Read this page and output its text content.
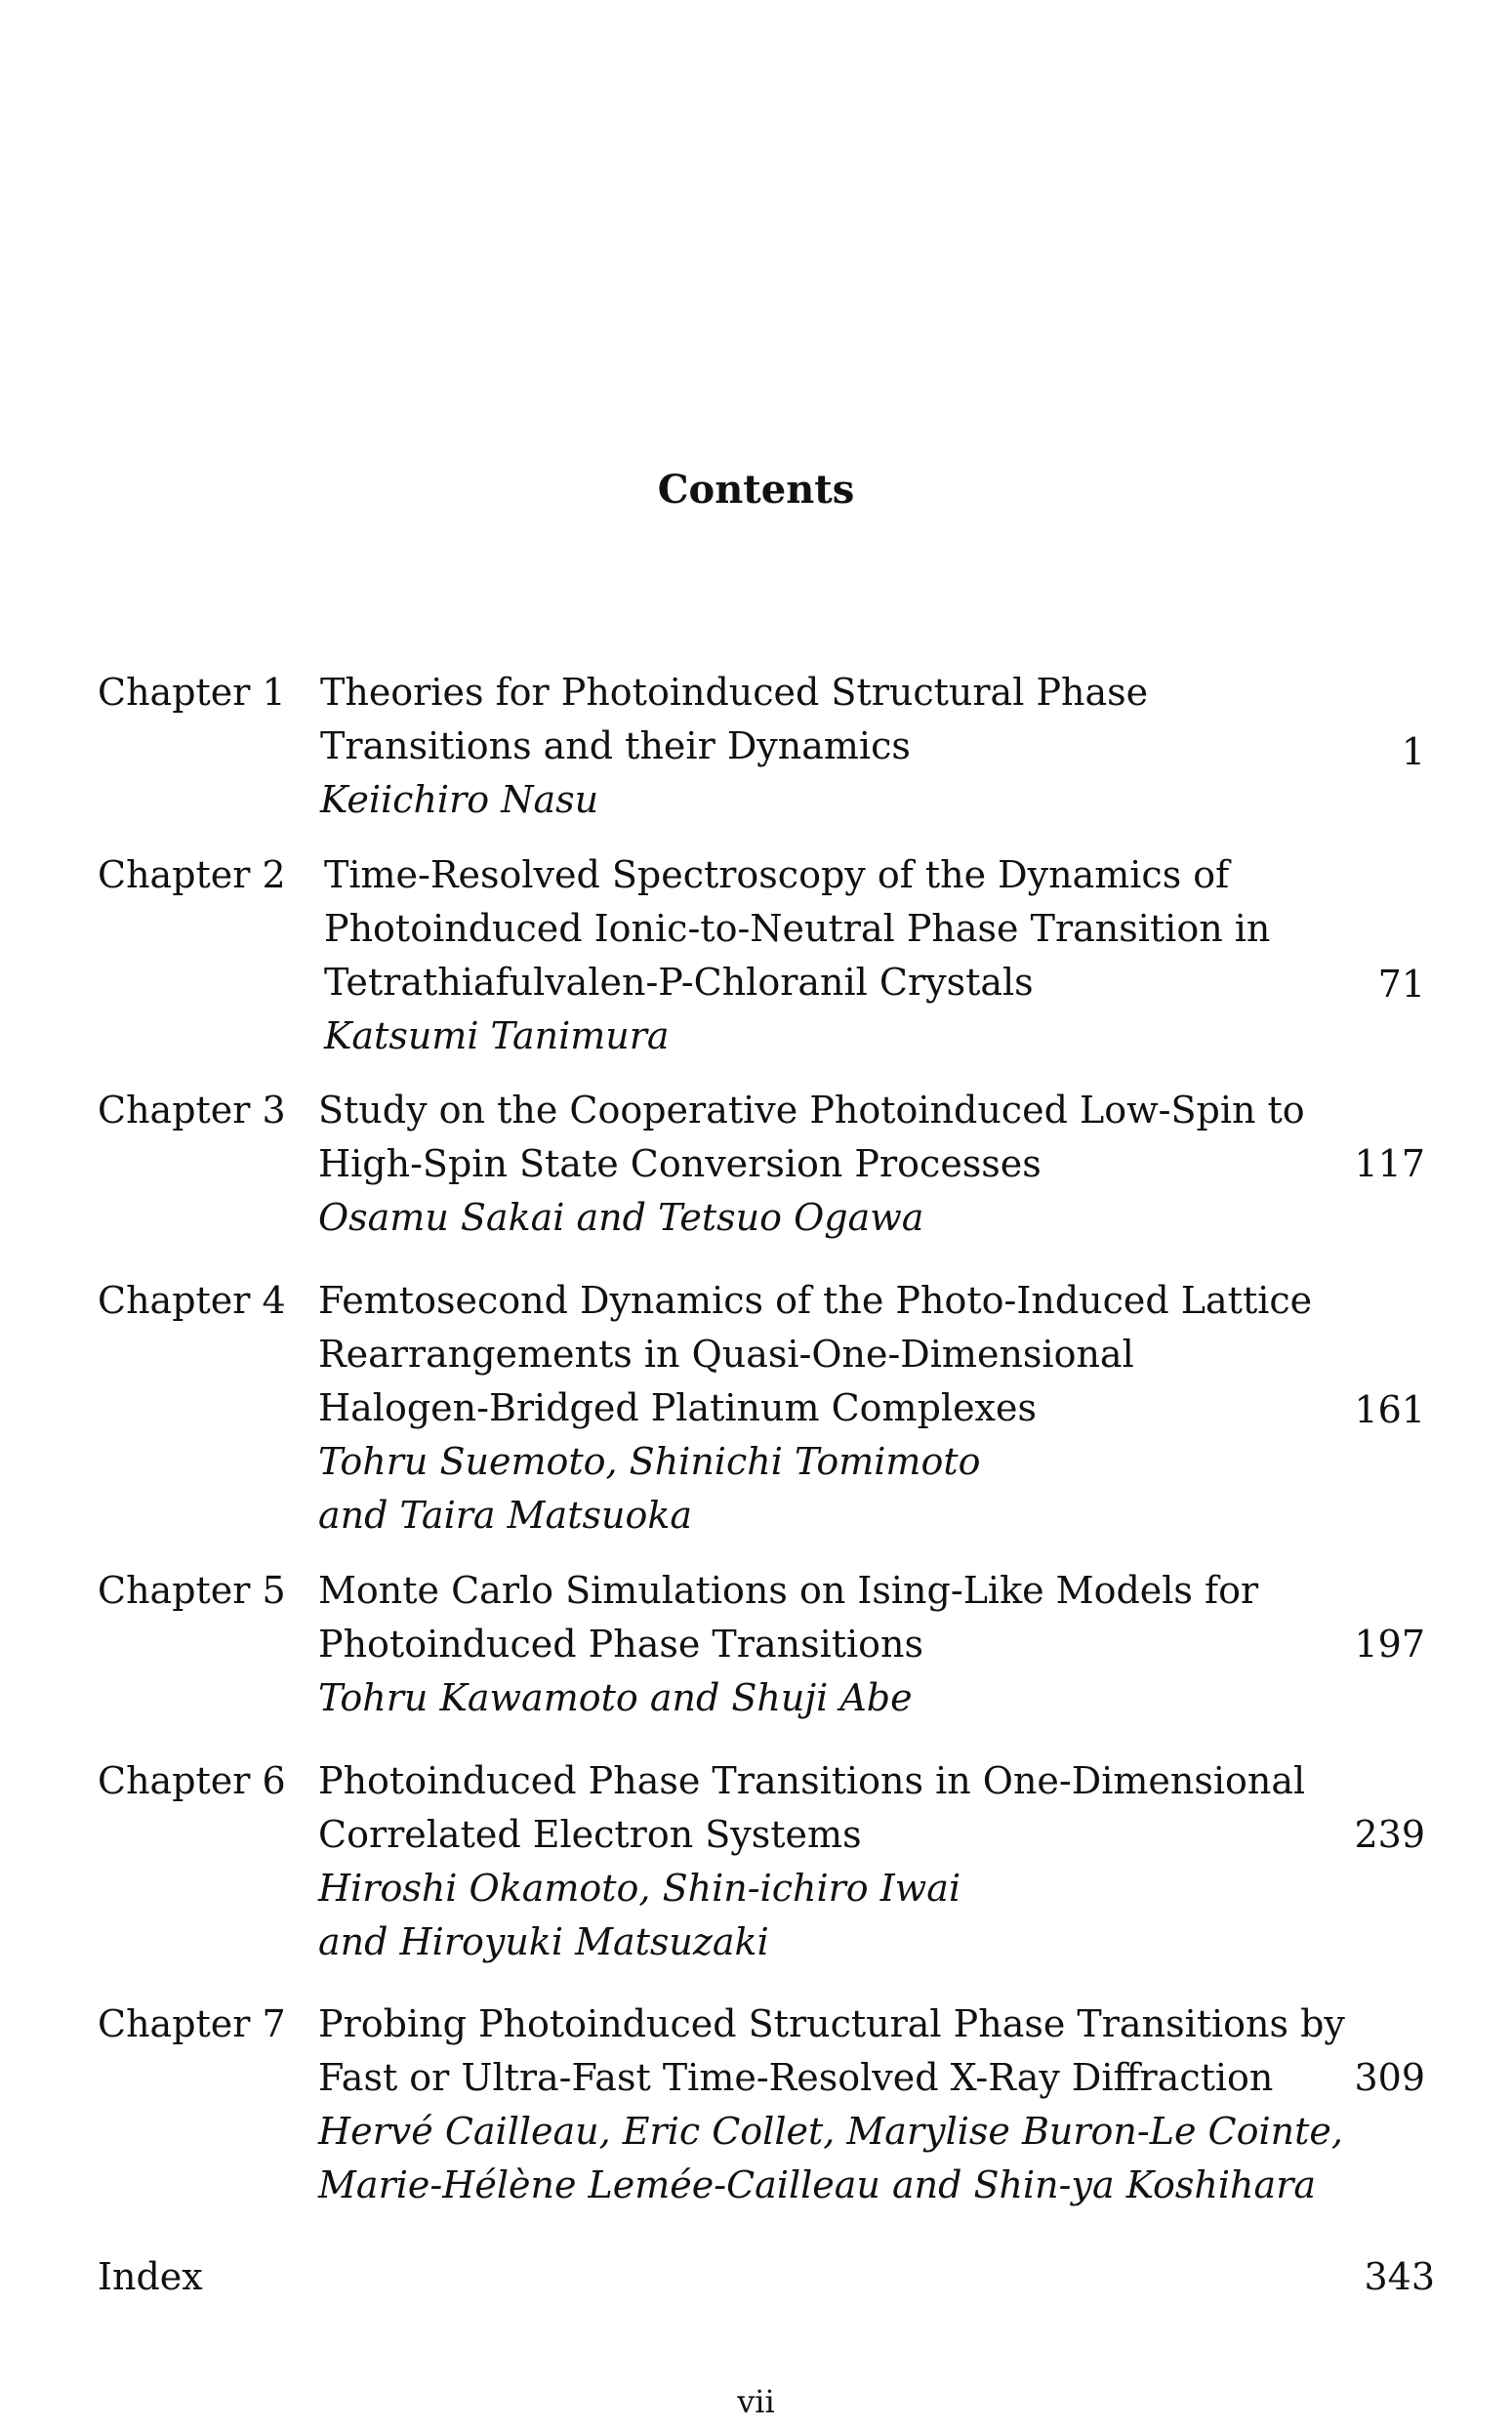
Contents
Chapter 1 Theories for Photoinduced Structural Phase
Transitions and their Dynamics
Keiichiro Nasu
1
Chapter 2 Time-Resolved Spectroscopy of the Dynamics of
Photoinduced Ionic-to-Neutral Phase Transition in
Tetrathiafulvalen-P-Chloranil Crystals
Katsumi Tanimura
71
Chapter 3 Study on the Cooperative Photoinduced Low-Spin to
High-Spin State Conversion Processes
Osamu Sakai and Tetsuo Ogawa
117
Chapter 4 Femtosecond Dynamics of the Photo-Induced Lattice
Rearrangements in Quasi-One-Dimensional
Halogen-Bridged Platinum Complexes
Tohru Suemoto, Shinichi Tomimoto
and Taira Matsuoka
161
Chapter 5 Monte Carlo Simulations on Ising-Like Models for
Photoinduced Phase Transitions
Tohru Kawamoto and Shuji Abe
197
Chapter 6 Photoinduced Phase Transitions in One-Dimensional
Correlated Electron Systems
Hiroshi Okamoto, Shin-ichiro Iwai
and Hiroyuki Matsuzaki
239
Chapter 7 Probing Photoinduced Structural Phase Transitions by
Fast or Ultra-Fast Time-Resolved X-Ray Diffraction
Hervé Cailleau, Eric Collet, Marylise Buron-Le Cointe,
Marie-Hélène Lemée-Cailleau and Shin-ya Koshihara
309
Index	343
vii
